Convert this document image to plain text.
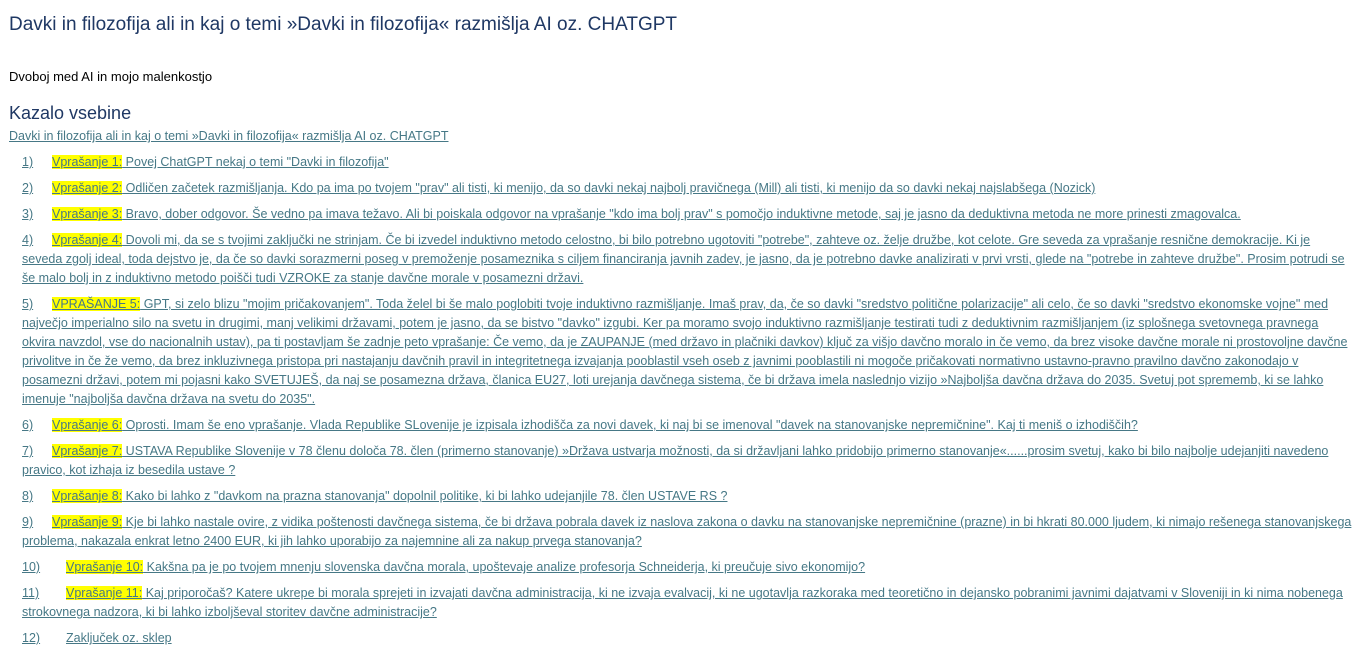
Davki in filozofija ali in kaj o temi »Davki in filozofija« razmišlja AI oz. CHATGPT

Dvoboj med AI in mojo malenkostjo

Kazalo vsebine
Davki in filozofija ali in kaj o temi »Davki in filozofija« razmišlja AI oz. CHATGPT
1)	Vprašanje 1: Povej ChatGPT nekaj o temi "Davki in filozofija"
2)	Vprašanje 2: Odličen začetek razmišljanja. Kdo pa ima po tvojem "prav" ali tisti, ki menijo, da so davki nekaj najbolj pravičnega (Mill) ali tisti, ki menijo da so davki nekaj najslabšega (Nozick)
3)	Vprašanje 3: Bravo, dober odgovor. Še vedno pa imava težavo. Ali bi poiskala odgovor na vprašanje "kdo ima bolj prav" s pomočjo induktivne metode, saj je jasno da deduktivna metoda ne more prinesti zmagovalca.
4)	Vprašanje 4: Dovoli mi, da se s tvojimi zaključki ne strinjam. Če bi izvedel induktivno metodo celostno, bi bilo potrebno ugotoviti "potrebe", zahteve oz. želje družbe, kot celote. Gre seveda za vprašanje resnične demokracije. Ki je seveda zgolj ideal, toda dejstvo je, da če so davki sorazmerni poseg v premoženje posameznika s ciljem financiranja javnih zadev, je jasno, da je potrebno davke analizirati v prvi vrsti, glede na "potrebe in zahteve družbe". Prosim potrudi se še malo bolj in z induktivno metodo poišči tudi VZROKE za stanje davčne morale v posamezni državi.
5)	VPRAŠANJE 5: GPT, si zelo blizu "mojim pričakovanjem". Toda želel bi še malo poglobiti tvoje induktivno razmišljanje. Imaš prav, da, če so davki "sredstvo politične polarizacije" ali celo, če so davki "sredstvo ekonomske vojne" med največjo imperialno silo na svetu in drugimi, manj velikimi državami, potem je jasno, da se bistvo "davko" izgubi. Ker pa moramo svojo induktivno razmišljanje testirati tudi z deduktivnim razmišljanjem (iz splošnega svetovnega pravnega okvira navzdol, vse do nacionalnih ustav), pa ti postavljam še zadnje peto vprašanje: Če vemo, da je ZAUPANJE (med državo in plačniki davkov) ključ za višjo davčno moralo in če vemo, da brez visoke davčne morale ni prostovoljne davčne privolitve in če že vemo, da brez inkluzivnega pristopa pri nastajanju davčnih pravil in integritetnega izvajanja pooblastil vseh oseb z javnimi pooblastili ni mogoče pričakovati normativno ustavno-pravno pravilno davčno zakonodajo v posamezni državi, potem mi pojasni kako SVETUJEŠ, da naj se posamezna država, članica EU27, loti urejanja davčnega sistema, če bi država imela naslednjo vizijo »Najboljša davčna država do 2035. Svetuj pot sprememb, ki se lahko imenuje "najboljša davčna država na svetu do 2035".
6)	Vprašanje 6: Oprosti. Imam še eno vprašanje. Vlada Republike SLovenije je izpisala izhodišča za novi davek, ki naj bi se imenoval "davek na stanovanjske nepremičnine". Kaj ti meniš o izhodiščih?
7)	Vprašanje 7: USTAVA Republike Slovenije v 78 členu določa 78. člen (primerno stanovanje) »Država ustvarja možnosti, da si državljani lahko pridobijo primerno stanovanje«......prosim svetuj, kako bi bilo najbolje udejanjiti navedeno pravico, kot izhaja iz besedila ustave ?
8)	Vprašanje 8: Kako bi lahko z "davkom na prazna stanovanja" dopolnil politike, ki bi lahko udejanjile 78. člen USTAVE RS ?
9)	Vprašanje 9: Kje bi lahko nastale ovire, z vidika poštenosti davčnega sistema, če bi država pobrala davek iz naslova zakona o davku na stanovanjske nepremičnine (prazne) in bi hkrati 80.000 ljudem, ki nimajo rešenega stanovanjskega problema, nakazala enkrat letno 2400 EUR, ki jih lahko uporabijo za najemnine ali za nakup prvega stanovanja?
10)	Vprašanje 10: Kakšna pa je po tvojem mnenju slovenska davčna morala, upoštevaje analize profesorja Schneiderja, ki preučuje sivo ekonomijo?
11)	Vprašanje 11: Kaj priporočaš? Katere ukrepe bi morala sprejeti in izvajati davčna administracija, ki ne izvaja evalvacij, ki ne ugotavlja razkoraka med teoretično in dejansko pobranimi javnimi dajatvami v Sloveniji in ki nima nobenega strokovnega nadzora, ki bi lahko izboljševal storitev davčne administracije?
12)	Zaključek oz. sklep
